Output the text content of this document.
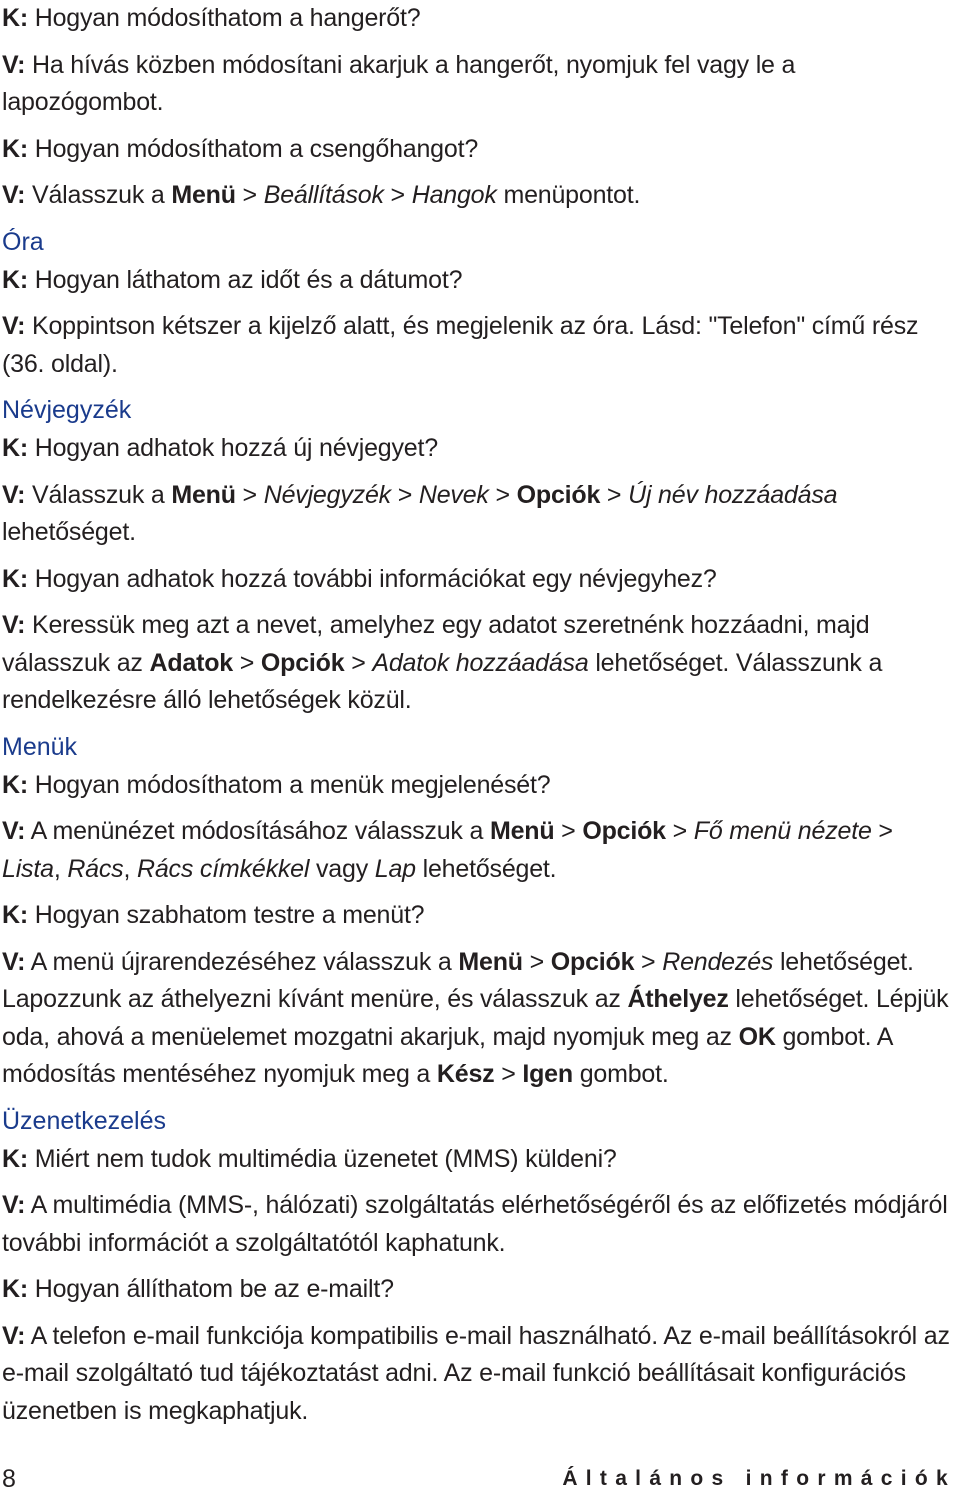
K: Hogyan módosíthatom a hangerőt?
V: Ha hívás közben módosítani akarjuk a hangerőt, nyomjuk fel vagy le a lapozógombot.
K: Hogyan módosíthatom a csengőhangot?
V: Válasszuk a Menü > Beállítások > Hangok menüpontot.
Óra
K: Hogyan láthatom az időt és a dátumot?
V: Koppintson kétszer a kijelző alatt, és megjelenik az óra. Lásd: "Telefon" című rész (36. oldal).
Névjegyzék
K: Hogyan adhatok hozzá új névjegyet?
V: Válasszuk a Menü > Névjegyzék > Nevek > Opciók > Új név hozzáadása lehetőséget.
K: Hogyan adhatok hozzá további információkat egy névjegyhez?
V: Keressük meg azt a nevet, amelyhez egy adatot szeretnénk hozzáadni, majd válasszuk az Adatok > Opciók > Adatok hozzáadása lehetőséget. Válasszunk a rendelkezésre álló lehetőségek közül.
Menük
K: Hogyan módosíthatom a menük megjelenését?
V: A menünézet módosításához válasszuk a Menü > Opciók > Fő menü nézete > Lista, Rács, Rács címkékkel vagy Lap lehetőséget.
K: Hogyan szabhatom testre a menüt?
V: A menü újrarendezéséhez válasszuk a Menü > Opciók > Rendezés lehetőséget. Lapozzunk az áthelyezni kívánt menüre, és válasszuk az Áthelyez lehetőséget. Lépjük oda, ahová a menüelemet mozgatni akarjuk, majd nyomjuk meg az OK gombot. A módosítás mentéséhez nyomjuk meg a Kész > Igen gombot.
Üzenetkezelés
K: Miért nem tudok multimédia üzenetet (MMS) küldeni?
V: A multimédia (MMS-, hálózati) szolgáltatás elérhetőségéről és az előfizetés módjáról további információt a szolgáltatótól kaphatunk.
K: Hogyan állíthatom be az e-mailt?
V: A telefon e-mail funkciója kompatibilis e-mail használható. Az e-mail beállításokról az e-mail szolgáltató tud tájékoztatást adni. Az e-mail funkció beállításait konfigurációs üzenetben is megkaphatjuk.
8	Általános információk
